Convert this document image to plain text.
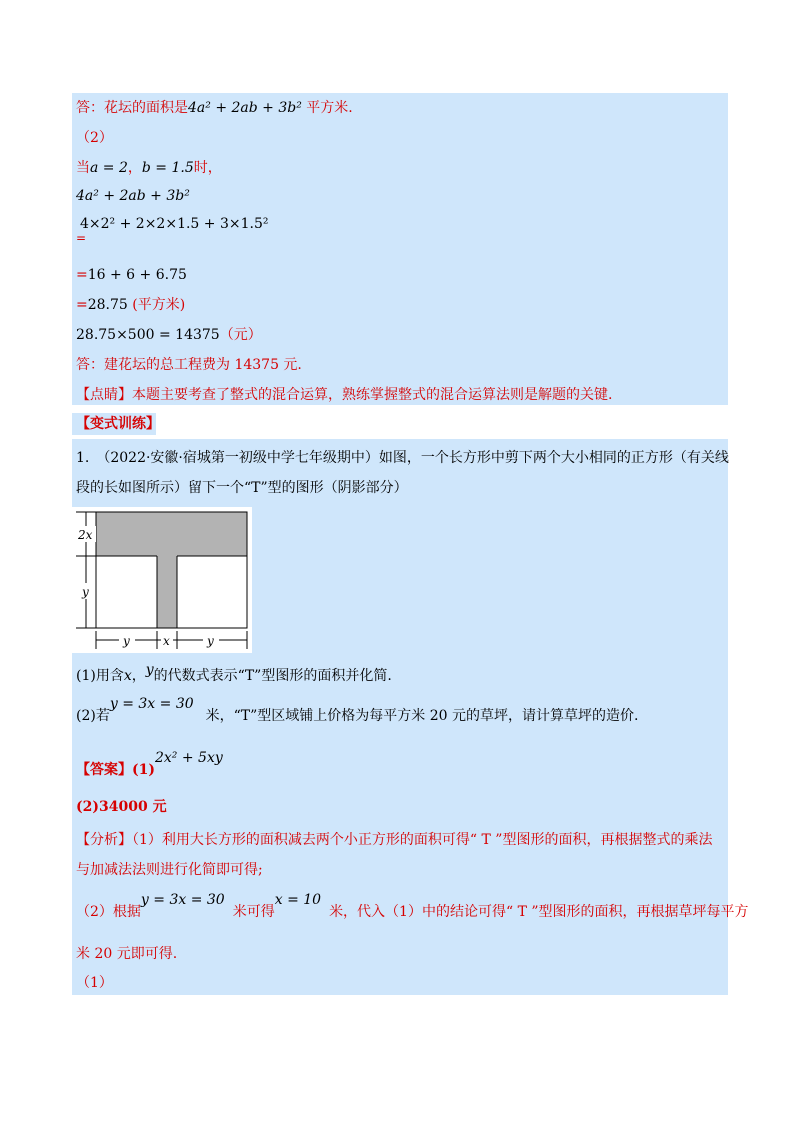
答：花坛的面积是4a² + 2ab + 3b² 平方米.
（2）
当a = 2，b = 1.5时，
4a² + 2ab + 3b²
4×2² + 2×2×1.5 + 3×1.5²
=
=16 + 6 + 6.75
=28.75 (平方米)
28.75×500 = 14375（元）
答：建花坛的总工程费为 14375 元.
【点睛】本题主要考查了整式的混合运算，熟练掌握整式的混合运算法则是解题的关键.
【变式训练】
1.　（2022·安徽·宿城第一初级中学七年级期中）如图，一个长方形中剪下两个大小相同的正方形（有关线
段的长如图所示）留下一个“T”型的图形（阴影部分）
2x
y
y	x	y
(1)用含x，y的代数式表示“T”型图形的面积并化简.
(2)若y = 3x = 30米，“T”型区域铺上价格为每平方米 20 元的草坪，请计算草坪的造价.
【答案】(1)2x² + 5xy
(2)34000 元
【分析】（1）利用大长方形的面积减去两个小正方形的面积可得“ T ”型图形的面积，再根据整式的乘法
与加减法法则进行化简即可得;
（2）根据y = 3x = 30米可得x = 10米，代入（1）中的结论可得“ T ”型图形的面积，再根据草坪每平方
米 20 元即可得.
（1）
